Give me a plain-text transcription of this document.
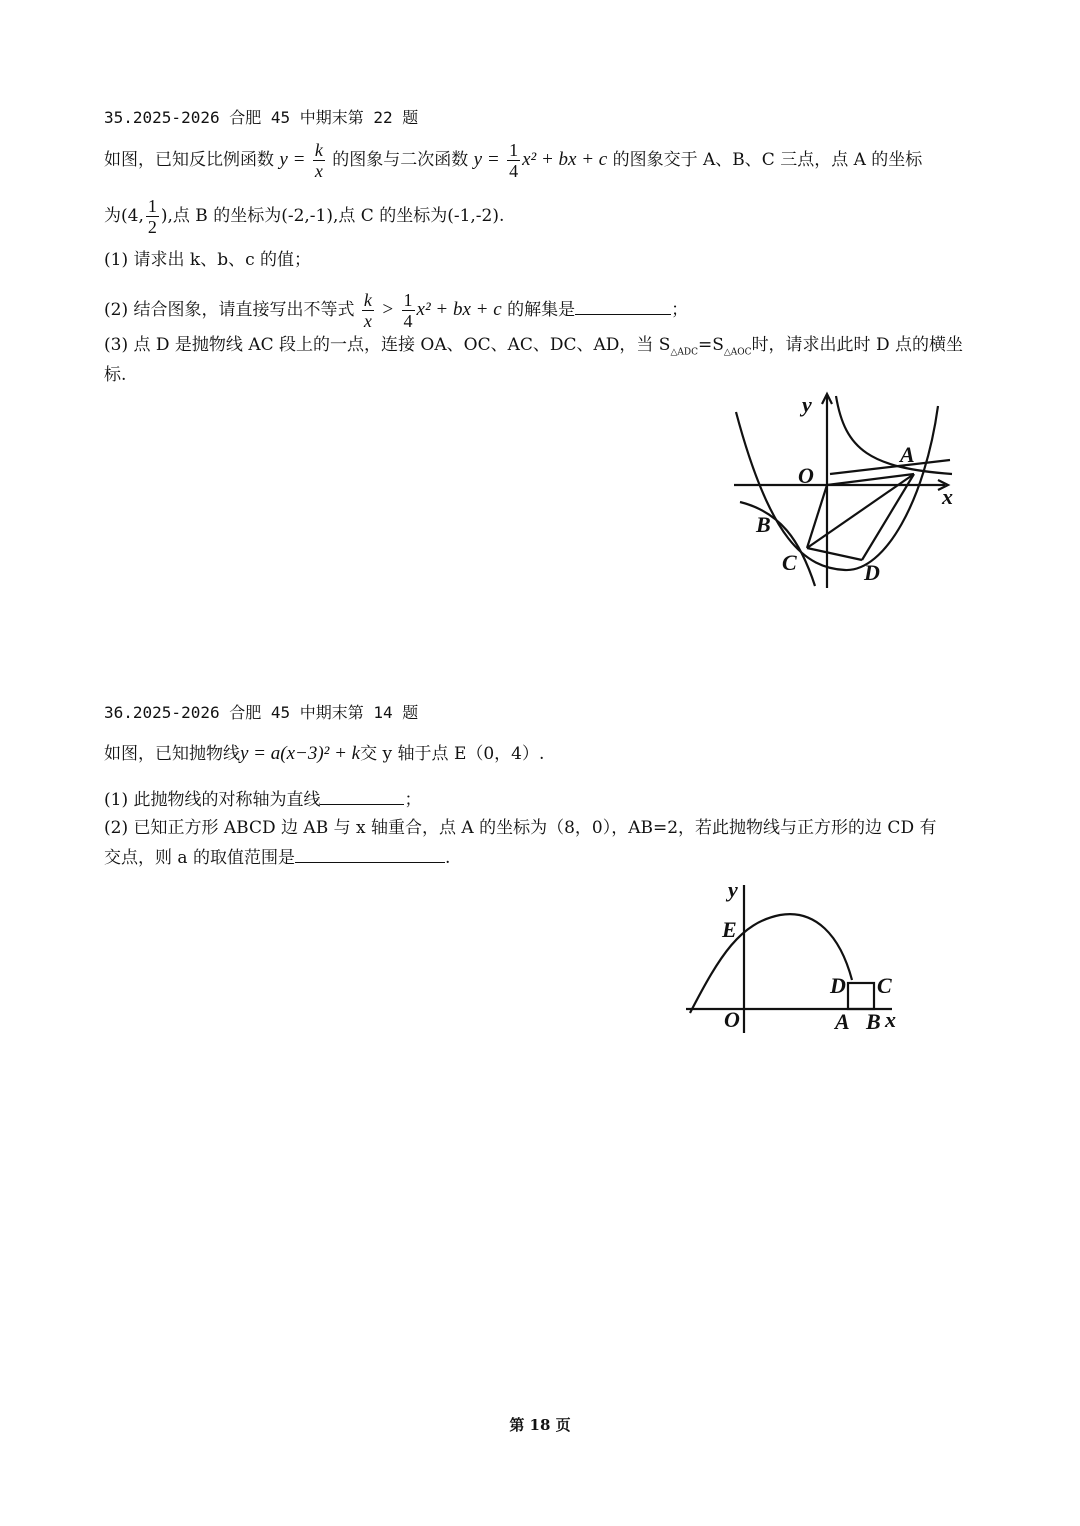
35.2025-2026 合肥 45 中期末第 22 题
如图，已知反比例函数 $y = \frac{k}{x}$ 的图象与二次函数 $y = \frac{1}{4} x^2$ + bx + c 的图象交于 A、B、C 三点，点 A 的坐标
为(4, $\frac{1}{2}$ ),点 B 的坐标为(-2,-1),点 C 的坐标为(-1,-2).
(1) 请求出 k、b、c 的值；
(2) 结合图象，请直接写出不等式 $\frac{k}{x} > \frac{1}{4} x^2$ + bx + c 的解集是	；
(3) 点 D 是抛物线 AC 段上的一点，连接 OA、OC、AC、DC、AD，当 $S_{\triangle ADC}=S_{\triangle AOC}$时，请求出此时 D 点的横坐
标.
y
x
O
A
B
C	D
36.2025-2026 合肥 45 中期末第 14 题
如图，已知抛物线y = a(x−3)² + k交 y 轴于点 E（0，4）.
(1) 此抛物线的对称轴为直线	；
(2) 已知正方形 ABCD 边 AB 与 x 轴重合，点 A 的坐标为（8，0），AB=2，若此抛物线与正方形的边 CD 有
交点，则 a 的取值范围是	.
y
E
O
D C
A B x
第 18 页
